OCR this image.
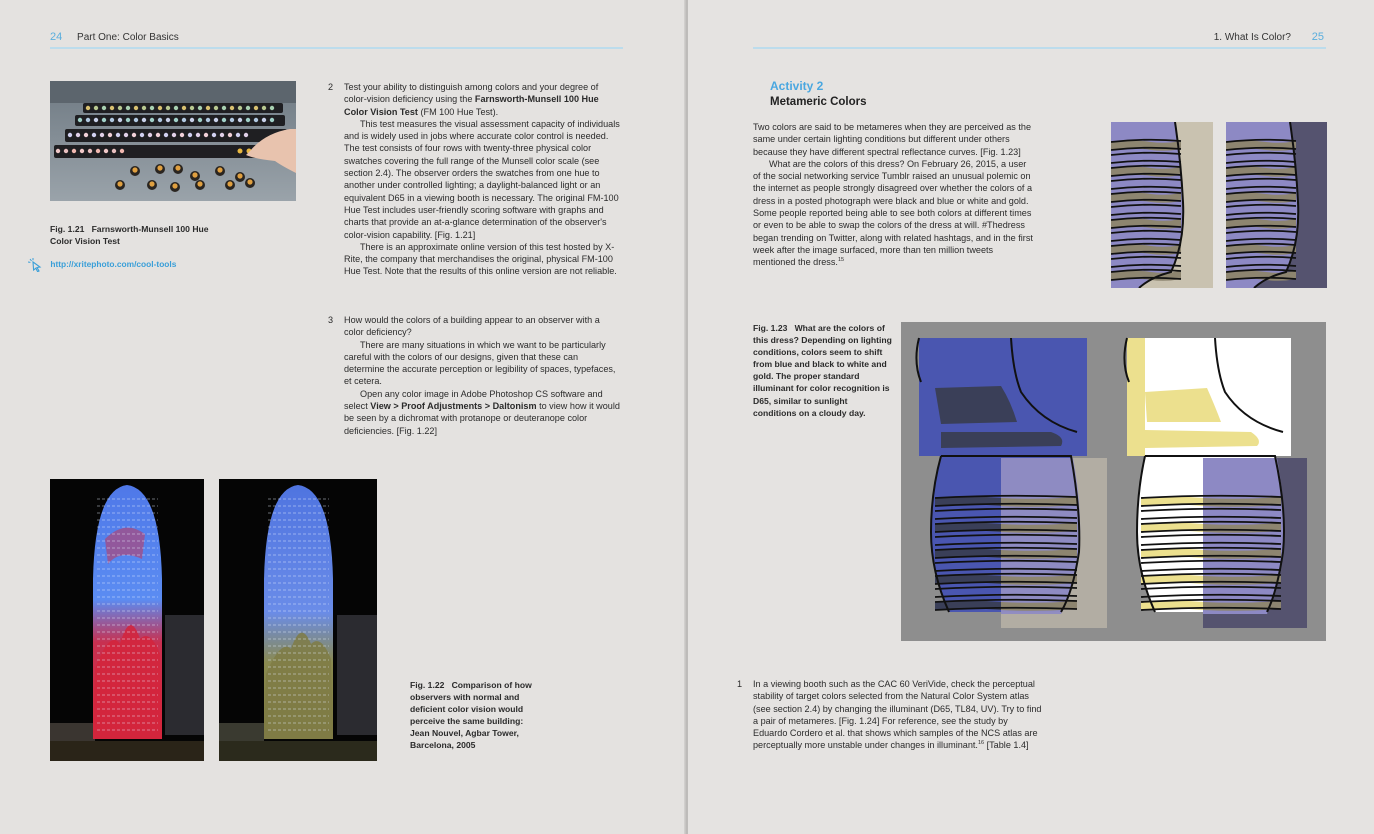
24 Part One: Color Basics
Fig. 1.21 Farnsworth-Munsell 100 Hue Color Vision Test
http://xritephoto.com/cool-tools
2 Test your ability to distinguish among colors and your degree of color-vision deficiency using the Farnsworth-Munsell 100 Hue Color Vision Test (FM 100 Hue Test).

This test measures the visual assessment capacity of individuals and is widely used in jobs where accurate color control is needed. The test consists of four rows with twenty-three physical color swatches covering the full range of the Munsell color scale (see section 2.4). The observer orders the swatches from one hue to another under controlled lighting; a daylight-balanced light or an equivalent D65 in a viewing booth is necessary. The original FM-100 Hue Test includes user-friendly scoring software with graphs and charts that provide an at-a-glance determination of the observer's color-vision capability. [Fig. 1.21]

There is an approximate online version of this test hosted by X-Rite, the company that merchandises the original, physical FM-100 Hue Test. Note that the results of this online version are not reliable.

3 How would the colors of a building appear to an observer with a color deficiency?

There are many situations in which we want to be particularly careful with the colors of our designs, given that these can determine the accurate perception or legibility of spaces, typefaces, et cetera.

Open any color image in Adobe Photoshop CS software and select View > Proof Adjustments > Daltonism to view how it would be seen by a dichromat with protanope or deuteranope color deficiencies. [Fig. 1.22]

Fig. 1.22 Comparison of how observers with normal and deficient color vision would perceive the same building: Jean Nouvel, Agbar Tower, Barcelona, 2005
1. What Is Color? 25
Activity 2
Metameric Colors

Two colors are said to be metameres when they are perceived as the same under certain lighting conditions but different under others because they have different spectral reflectance curves. [Fig. 1.23]

What are the colors of this dress? On February 26, 2015, a user of the social networking service Tumblr raised an unusual polemic on the internet as people strongly disagreed over whether the colors of a dress in a posted photograph were black and blue or white and gold. Some people reported being able to see both colors at different times or even to be able to swap the colors of the dress at will. #Thedress began trending on Twitter, along with related hashtags, and in the first week after the image surfaced, more than ten million tweets mentioned the dress.$^{15}$

Fig. 1.23 What are the colors of this dress? Depending on lighting conditions, colors seem to shift from blue and black to white and gold. The proper standard illuminant for color recognition is D65, similar to sunlight conditions on a cloudy day.
1 In a viewing booth such as the CAC 60 VeriVide, check the perceptual stability of target colors selected from the Natural Color System atlas (see section 2.4) by changing the illuminant (D65, TL84, UV). Try to find a pair of metameres. [Fig. 1.24] For reference, see the study by Eduardo Cordero et al. that shows which samples of the NCS atlas are perceptually more unstable under changes in illuminant.$^{16}$ [Table 1.4]
